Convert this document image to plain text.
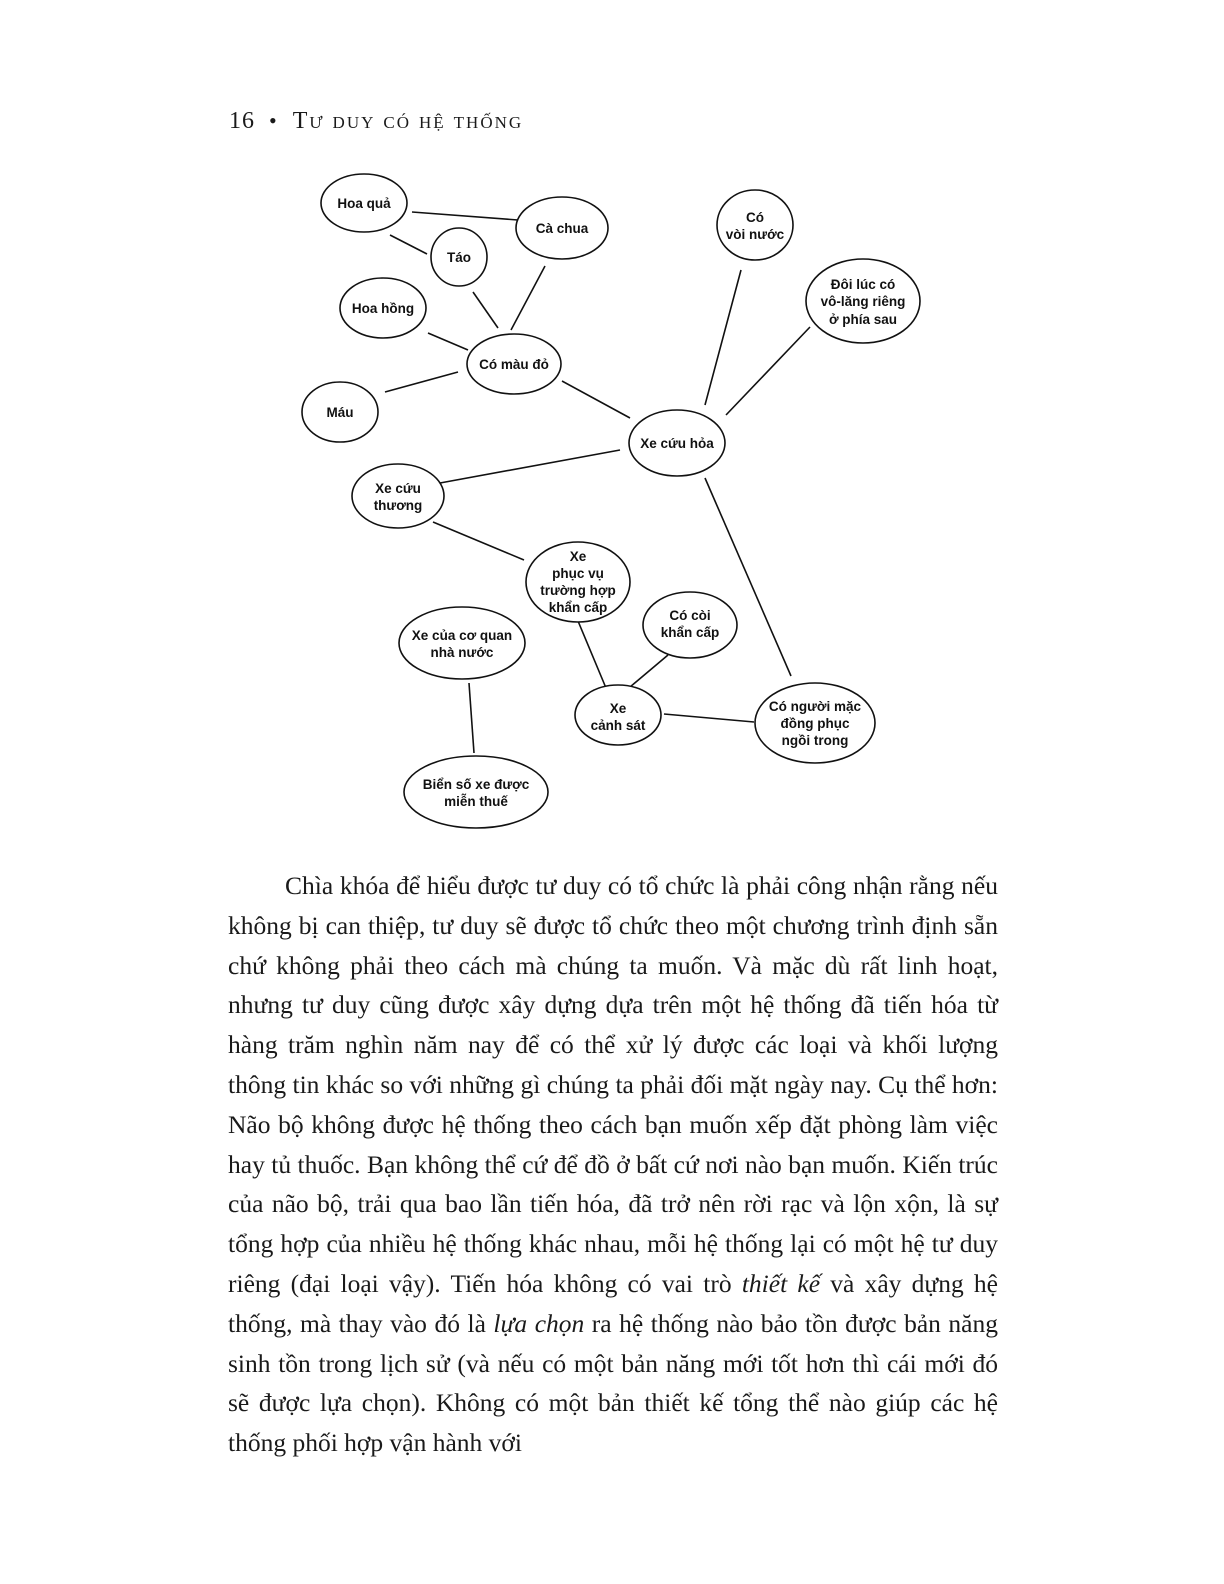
16 • Tư duy có hệ thống
Hoa quả
Cà chua
Táo
Hoa hồng
Có màu đỏ
Máu
Có
vòi nước
Đôi lúc có
vô-lăng riêng
ở phía sau
Xe cứu hỏa
Xe cứu
thương
Xe
phục vụ
trường hợp
khẩn cấp
Có còi
khẩn cấp
Xe của cơ quan
nhà nước
Xe
cảnh sát
Có người mặc
đồng phục
ngồi trong
Biển số xe được
miễn thuế

Chìa khóa để hiểu được tư duy có tổ chức là phải công nhận rằng nếu không bị can thiệp, tư duy sẽ được tổ chức theo một chương trình định sẵn chứ không phải theo cách mà chúng ta muốn. Và mặc dù rất linh hoạt, nhưng tư duy cũng được xây dựng dựa trên một hệ thống đã tiến hóa từ hàng trăm nghìn năm nay để có thể xử lý được các loại và khối lượng thông tin khác so với những gì chúng ta phải đối mặt ngày nay. Cụ thể hơn: Não bộ không được hệ thống theo cách bạn muốn xếp đặt phòng làm việc hay tủ thuốc. Bạn không thể cứ để đồ ở bất cứ nơi nào bạn muốn. Kiến trúc của não bộ, trải qua bao lần tiến hóa, đã trở nên rời rạc và lộn xộn, là sự tổng hợp của nhiều hệ thống khác nhau, mỗi hệ thống lại có một hệ tư duy riêng (đại loại vậy). Tiến hóa không có vai trò thiết kế và xây dựng hệ thống, mà thay vào đó là lựa chọn ra hệ thống nào bảo tồn được bản năng sinh tồn trong lịch sử (và nếu có một bản năng mới tốt hơn thì cái mới đó sẽ được lựa chọn). Không có một bản thiết kế tổng thể nào giúp các hệ thống phối hợp vận hành với
